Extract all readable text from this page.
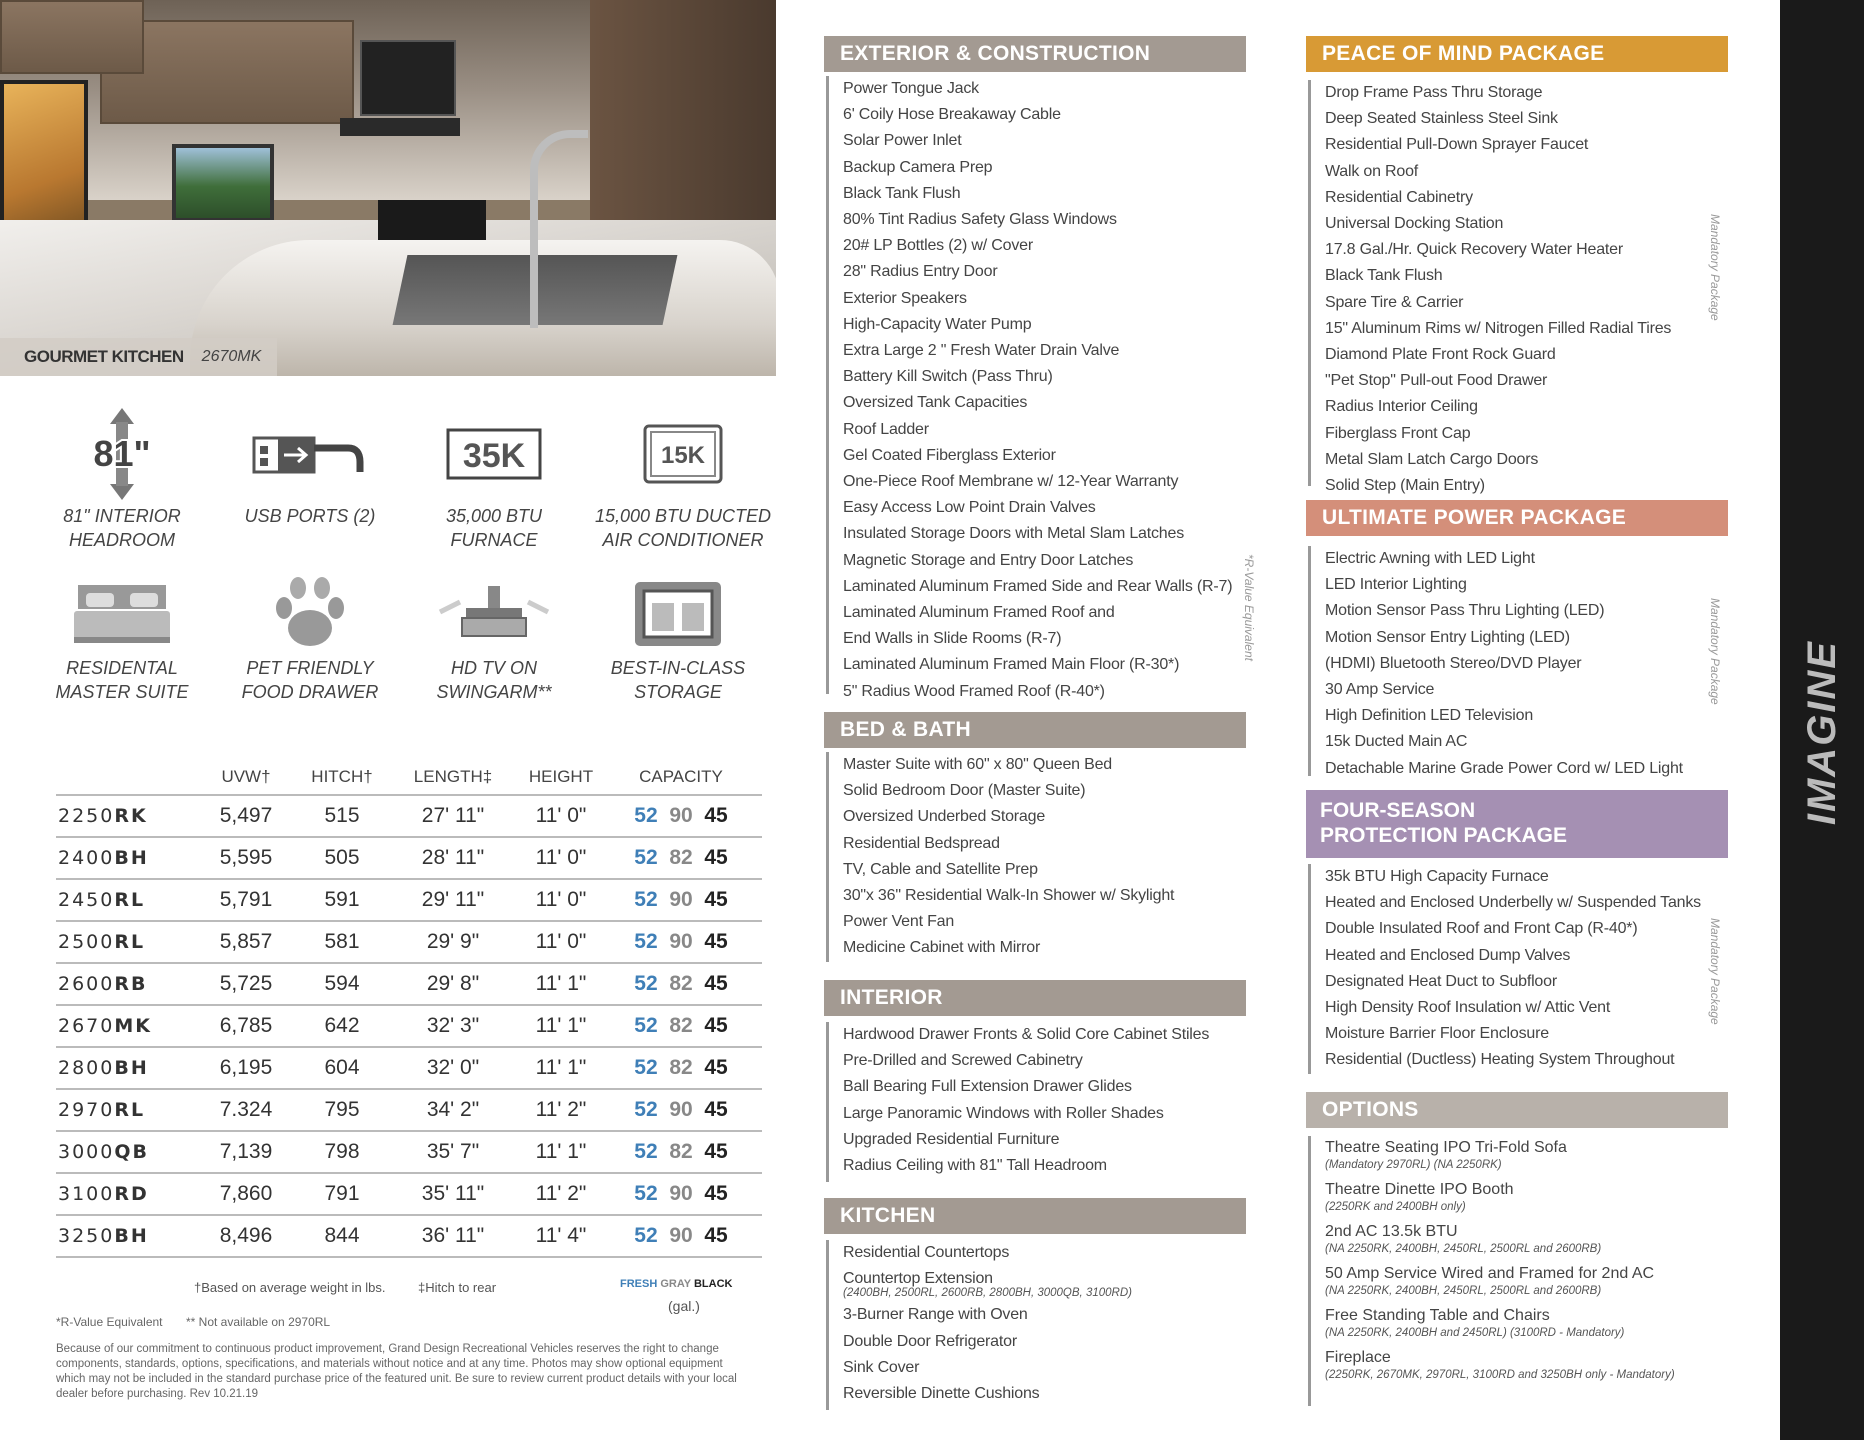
GOURMET KITCHEN 2670MK
81"
81" INTERIOR HEADROOM
USB PORTS (2)
35K
35,000 BTU FURNACE
15K
15,000 BTU DUCTED AIR CONDITIONER
RESIDENTAL MASTER SUITE
PET FRIENDLY FOOD DRAWER
HD TV ON SWINGARM**
BEST-IN-CLASS STORAGE
UVW†	HITCH†	LENGTH‡	HEIGHT	CAPACITY
2250RK	5,497	515	27' 11"	11' 0"	52 90 45
2400BH	5,595	505	28' 11"	11' 0"	52 82 45
2450RL	5,791	591	29' 11"	11' 0"	52 90 45
2500RL	5,857	581	29' 9"	11' 0"	52 90 45
2600RB	5,725	594	29' 8"	11' 1"	52 82 45
2670MK	6,785	642	32' 3"	11' 1"	52 82 45
2800BH	6,195	604	32' 0"	11' 1"	52 82 45
2970RL	7.324	795	34' 2"	11' 2"	52 90 45
3000QB	7,139	798	35' 7"	11' 1"	52 82 45
3100RD	7,860	791	35' 11"	11' 2"	52 90 45
3250BH	8,496	844	36' 11"	11' 4"	52 90 45
†Based on average weight in lbs. ‡Hitch to rear	FRESH GRAY BLACK
(gal.)
*R-Value Equivalent ** Not available on 2970RL
Because of our commitment to continuous product improvement, Grand Design Recreational Vehicles reserves the right to change components, standards, options, specifications, and materials without notice and at any time. Photos may show optional equipment which may not be included in the standard purchase price of the featured unit. Be sure to review current product details with your local dealer before purchasing. Rev 10.21.19
EXTERIOR & CONSTRUCTION
Power Tongue Jack
6' Coily Hose Breakaway Cable
Solar Power Inlet
Backup Camera Prep
Black Tank Flush
80% Tint Radius Safety Glass Windows
20# LP Bottles (2) w/ Cover
28" Radius Entry Door
Exterior Speakers
High-Capacity Water Pump
Extra Large 2 " Fresh Water Drain Valve
Battery Kill Switch (Pass Thru)
Oversized Tank Capacities
Roof Ladder
Gel Coated Fiberglass Exterior
One-Piece Roof Membrane w/ 12-Year Warranty
Easy Access Low Point Drain Valves
Insulated Storage Doors with Metal Slam Latches
Magnetic Storage and Entry Door Latches
Laminated Aluminum Framed Side and Rear Walls (R-7)
Laminated Aluminum Framed Roof and
End Walls in Slide Rooms (R-7)
Laminated Aluminum Framed Main Floor (R-30*)
5" Radius Wood Framed Roof (R-40*)
*R-Value Equivalent
BED & BATH
Master Suite with 60" x 80" Queen Bed
Solid Bedroom Door (Master Suite)
Oversized Underbed Storage
Residential Bedspread
TV, Cable and Satellite Prep
30"x 36" Residential Walk-In Shower w/ Skylight
Power Vent Fan
Medicine Cabinet with Mirror
INTERIOR
Hardwood Drawer Fronts & Solid Core Cabinet Stiles
Pre-Drilled and Screwed Cabinetry
Ball Bearing Full Extension Drawer Glides
Large Panoramic Windows with Roller Shades
Upgraded Residential Furniture
Radius Ceiling with 81" Tall Headroom
KITCHEN
Residential Countertops
Countertop Extension
(2400BH, 2500RL, 2600RB, 2800BH, 3000QB, 3100RD)
3-Burner Range with Oven
Double Door Refrigerator
Sink Cover
Reversible Dinette Cushions
PEACE OF MIND PACKAGE
Drop Frame Pass Thru Storage
Deep Seated Stainless Steel Sink
Residential Pull-Down Sprayer Faucet
Walk on Roof
Residential Cabinetry
Universal Docking Station
17.8 Gal./Hr. Quick Recovery Water Heater
Black Tank Flush
Spare Tire & Carrier
15" Aluminum Rims w/ Nitrogen Filled Radial Tires
Diamond Plate Front Rock Guard
"Pet Stop" Pull-out Food Drawer
Radius Interior Ceiling
Fiberglass Front Cap
Metal Slam Latch Cargo Doors
Solid Step (Main Entry)
Mandatory Package
ULTIMATE POWER PACKAGE
Electric Awning with LED Light
LED Interior Lighting
Motion Sensor Pass Thru Lighting (LED)
Motion Sensor Entry Lighting (LED)
(HDMI) Bluetooth Stereo/DVD Player
30 Amp Service
High Definition LED Television
15k Ducted Main AC
Detachable Marine Grade Power Cord w/ LED Light
Mandatory Package
FOUR-SEASON
PROTECTION PACKAGE
35k BTU High Capacity Furnace
Heated and Enclosed Underbelly w/ Suspended Tanks
Double Insulated Roof and Front Cap (R-40*)
Heated and Enclosed Dump Valves
Designated Heat Duct to Subfloor
High Density Roof Insulation w/ Attic Vent
Moisture Barrier Floor Enclosure
Residential (Ductless) Heating System Throughout
Mandatory Package
OPTIONS
Theatre Seating IPO Tri-Fold Sofa
(Mandatory 2970RL) (NA 2250RK)
Theatre Dinette IPO Booth
(2250RK and 2400BH only)
2nd AC 13.5k BTU
(NA 2250RK, 2400BH, 2450RL, 2500RL and 2600RB)
50 Amp Service Wired and Framed for 2nd AC
(NA 2250RK, 2400BH, 2450RL, 2500RL and 2600RB)
Free Standing Table and Chairs
(NA 2250RK, 2400BH and 2450RL) (3100RD - Mandatory)
Fireplace
(2250RK, 2670MK, 2970RL, 3100RD and 3250BH only - Mandatory)
IMAGINE
